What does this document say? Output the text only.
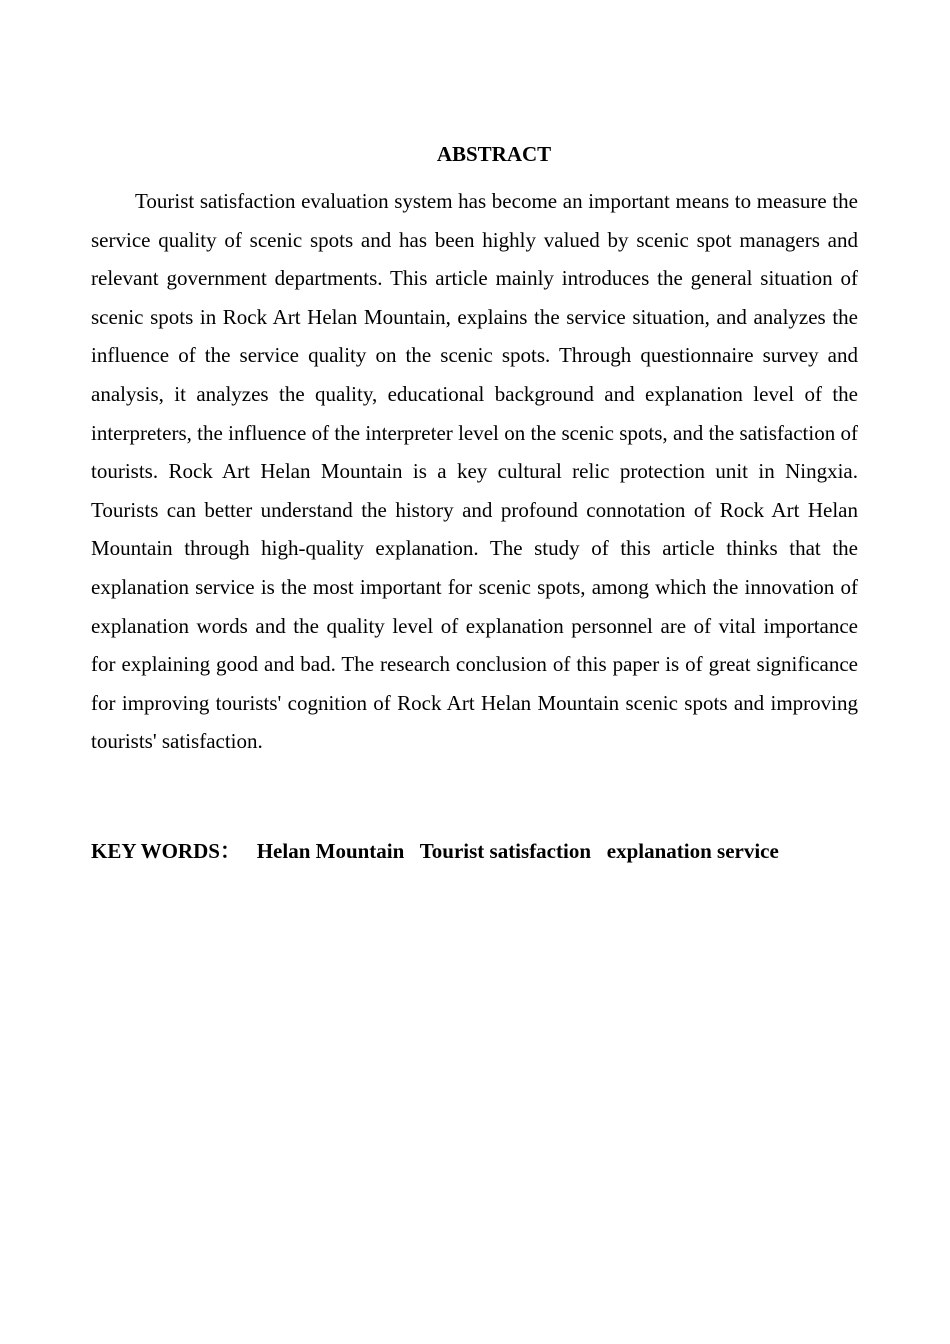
ABSTRACT

Tourist satisfaction evaluation system has become an important means to measure the service quality of scenic spots and has been highly valued by scenic spot managers and relevant government departments. This article mainly introduces the general situation of scenic spots in Rock Art Helan Mountain, explains the service situation, and analyzes the influence of the service quality on the scenic spots. Through questionnaire survey and analysis, it analyzes the quality, educational background and explanation level of the interpreters, the influence of the interpreter level on the scenic spots, and the satisfaction of tourists. Rock Art Helan Mountain is a key cultural relic protection unit in Ningxia. Tourists can better understand the history and profound connotation of Rock Art Helan Mountain through high-quality explanation. The study of this article thinks that the explanation service is the most important for scenic spots, among which the innovation of explanation words and the quality level of explanation personnel are of vital importance for explaining good and bad. The research conclusion of this paper is of great significance for improving tourists' cognition of Rock Art Helan Mountain scenic spots and improving tourists' satisfaction.

KEY WORDS： Helan Mountain Tourist satisfaction explanation service
